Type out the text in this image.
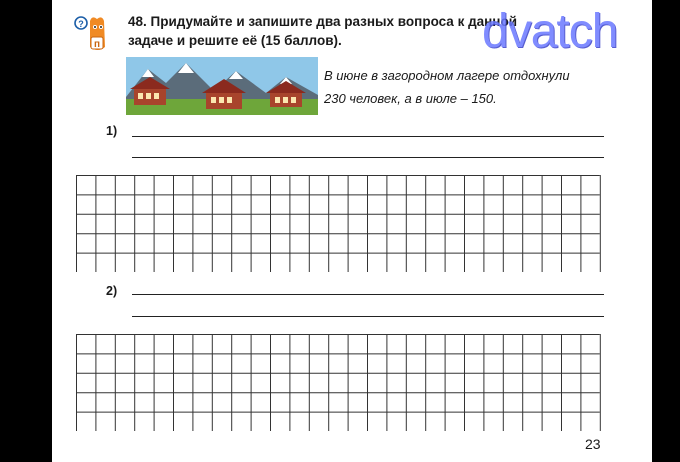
?
п
48. Придумайте и запишите два разных вопроса к данной
задаче и решите её (15 баллов).
В июне в загородном лагере отдохнули
230 человек, а в июле – 150.
1)
2)
23
dvatch
